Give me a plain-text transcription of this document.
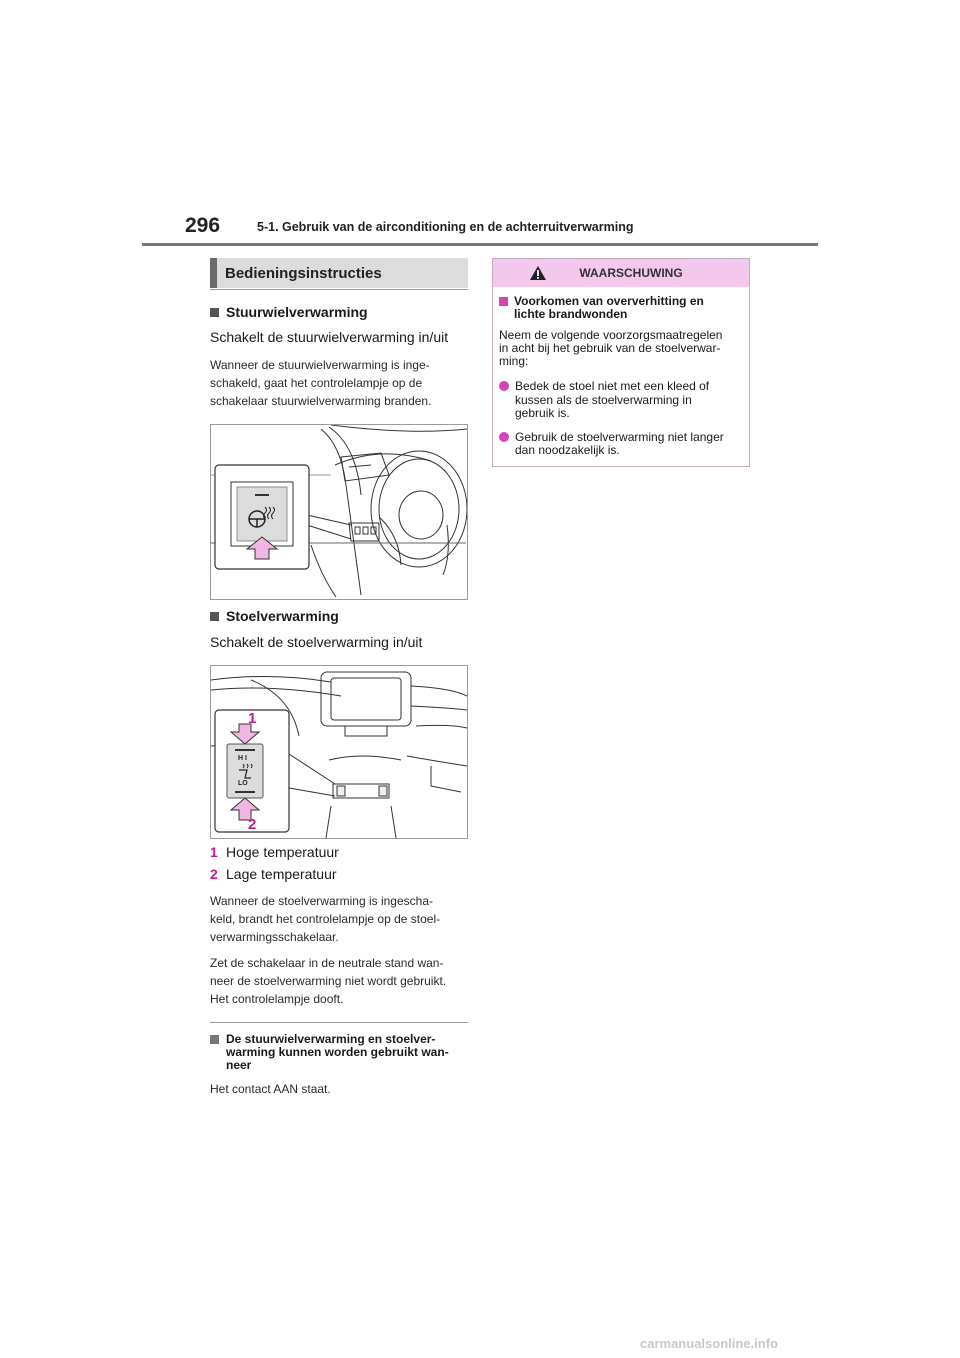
296	5-1. Gebruik van de airconditioning en de achterruitverwarming
Bedieningsinstructies
Stuurwielverwarming
Schakelt de stuurwielverwarming in/uit
Wanneer de stuurwielverwarming is inge-
schakeld, gaat het controlelampje op de
schakelaar stuurwielverwarming branden.
Stoelverwarming
Schakelt de stoelverwarming in/uit
1
2
H I
LO
1 Hoge temperatuur
2 Lage temperatuur
Wanneer de stoelverwarming is ingescha-
keld, brandt het controlelampje op de stoel-
verwarmingsschakelaar.
Zet de schakelaar in de neutrale stand wan-
neer de stoelverwarming niet wordt gebruikt.
Het controlelampje dooft.
De stuurwielverwarming en stoelver-
warming kunnen worden gebruikt wan-
neer
Het contact AAN staat.
WAARSCHUWING
Voorkomen van oververhitting en
lichte brandwonden
Neem de volgende voorzorgsmaatregelen
in acht bij het gebruik van de stoelverwar-
ming:
Bedek de stoel niet met een kleed of
kussen als de stoelverwarming in
gebruik is.
Gebruik de stoelverwarming niet langer
dan noodzakelijk is.
carmanualsonline.info
